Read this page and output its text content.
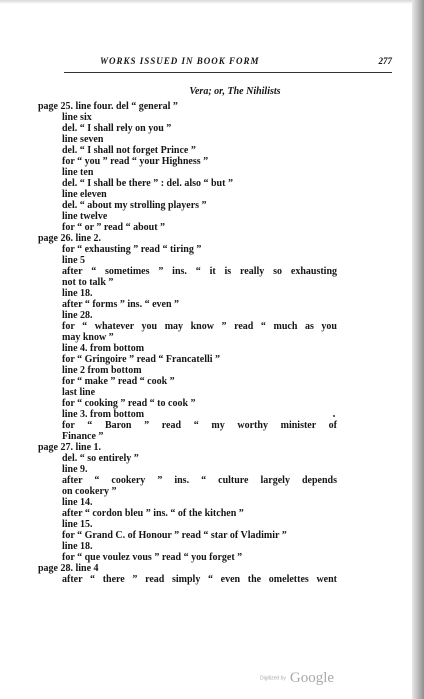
WORKS ISSUED IN BOOK FORM	277
Vera; or, The Nihilists
page 25. line four. del “ general ”
line six
del. “ I shall rely on you ”
line seven
del. “ I shall not forget Prince ”
for “ you ” read “ your Highness ”
line ten
del. “ I shall be there ” : del. also “ but ”
line eleven
del. “ about my strolling players ”
line twelve
for “ or ” read “ about ”
page 26. line 2.
for “ exhausting ” read “ tiring ”
line 5
after “ sometimes ” ins. “ it is really so exhausting
not to talk ”
line 18.
after “ forms ” ins. “ even ”
line 28.
for “ whatever you may know ” read “ much as you
may know ”
line 4. from bottom
for “ Gringoire ” read “ Francatelli ”
line 2 from bottom
for “ make ” read “ cook ”
last line
for “ cooking ” read “ to cook ”
line 3. from bottom
for “ Baron ” read “ my worthy minister of
Finance ”
page 27. line 1.
del. “ so entirely ”
line 9.
after “ cookery ” ins. “ culture largely depends
on cookery ”
line 14.
after “ cordon bleu ” ins. “ of the kitchen ”
line 15.
for “ Grand C. of Honour ” read “ star of Vladimir ”
line 18.
for “ que voulez vous ” read “ you forget ”
page 28. line 4
after “ there ” read simply “ even the omelettes went
Digitized by Google
